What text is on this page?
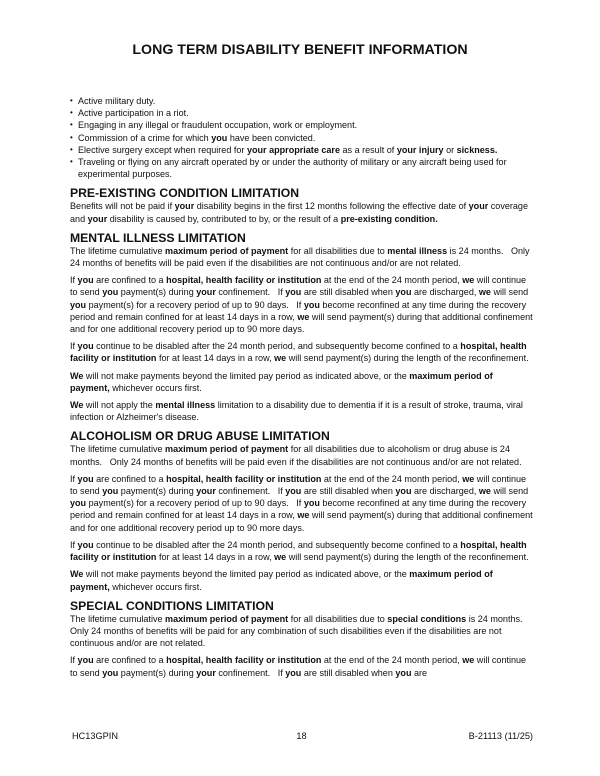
LONG TERM DISABILITY BENEFIT INFORMATION
• Active military duty.
• Active participation in a riot.
• Engaging in any illegal or fraudulent occupation, work or employment.
• Commission of a crime for which you have been convicted.
• Elective surgery except when required for your appropriate care as a result of your injury or sickness.
• Traveling or flying on any aircraft operated by or under the authority of military or any aircraft being used for experimental purposes.
PRE-EXISTING CONDITION LIMITATION

Benefits will not be paid if your disability begins in the first 12 months following the effective date of your coverage and your disability is caused by, contributed to by, or the result of a pre-existing condition.

MENTAL ILLNESS LIMITATION

The lifetime cumulative maximum period of payment for all disabilities due to mental illness is 24 months.   Only 24 months of benefits will be paid even if the disabilities are not continuous and/or are not related.

If you are confined to a hospital, health facility or institution at the end of the 24 month period, we will continue to send you payment(s) during your confinement.   If you are still disabled when you are discharged, we will send you payment(s) for a recovery period of up to 90 days.   If you become reconfined at any time during the recovery period and remain confined for at least 14 days in a row, we will send payment(s) during that additional confinement and for one additional recovery period up to 90 more days.

If you continue to be disabled after the 24 month period, and subsequently become confined to a hospital, health facility or institution for at least 14 days in a row, we will send payment(s) during the length of the reconfinement.

We will not make payments beyond the limited pay period as indicated above, or the maximum period of payment, whichever occurs first.

We will not apply the mental illness limitation to a disability due to dementia if it is a result of stroke, trauma, viral infection or Alzheimer's disease.

ALCOHOLISM OR DRUG ABUSE LIMITATION

The lifetime cumulative maximum period of payment for all disabilities due to alcoholism or drug abuse is 24 months.   Only 24 months of benefits will be paid even if the disabilities are not continuous and/or are not related.

If you are confined to a hospital, health facility or institution at the end of the 24 month period, we will continue to send you payment(s) during your confinement.   If you are still disabled when you are discharged, we will send you payment(s) for a recovery period of up to 90 days.   If you become reconfined at any time during the recovery period and remain confined for at least 14 days in a row, we will send payment(s) during that additional confinement and for one additional recovery period up to 90 more days.

If you continue to be disabled after the 24 month period, and subsequently become confined to a hospital, health facility or institution for at least 14 days in a row, we will send payment(s) during the length of the reconfinement.

We will not make payments beyond the limited pay period as indicated above, or the maximum period of payment, whichever occurs first.

SPECIAL CONDITIONS LIMITATION

The lifetime cumulative maximum period of payment for all disabilities due to special conditions is 24 months. Only 24 months of benefits will be paid for any combination of such disabilities even if the disabilities are not continuous and/or are not related.

If you are confined to a hospital, health facility or institution at the end of the 24 month period, we will continue to send you payment(s) during your confinement.   If you are still disabled when you are

HC13GPIN	18	B-21113 (11/25)
